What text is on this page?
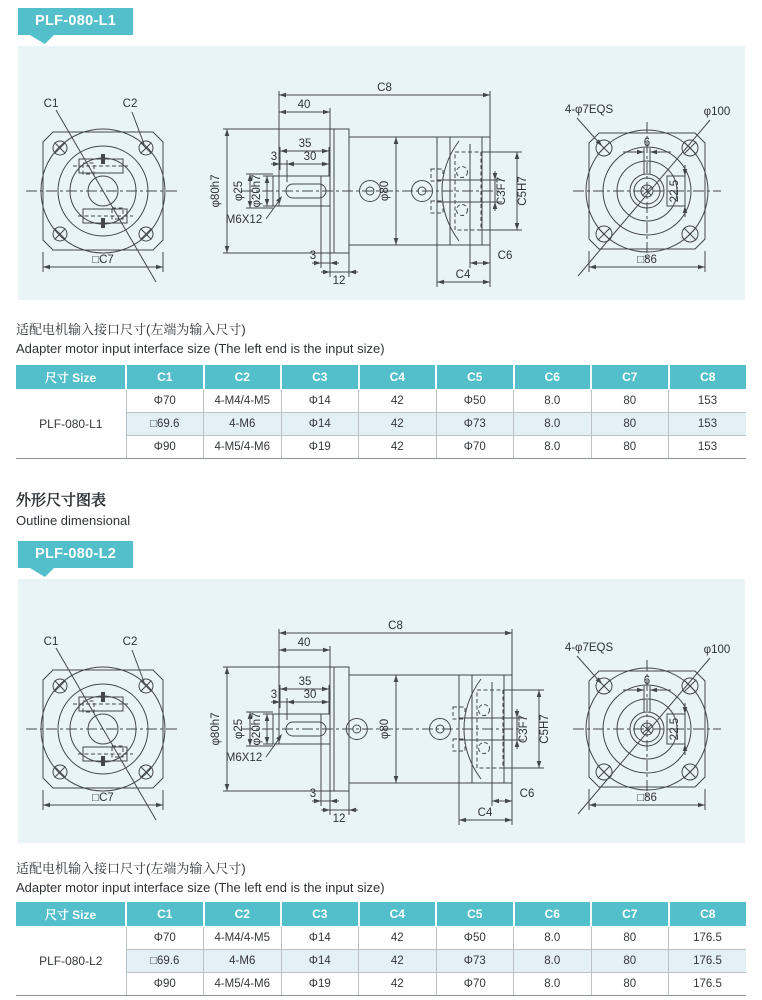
PLF-080-L1
C1	C2
□C7
C8
40
35
3 30
φ25 φ20h7
φ80h7
M6X12
φ80	C3F7 C5H7
3
12	C4
C6
6
22.5
4-φ7EQS	φ100
□86
适配电机输入接口尺寸(左端为输入尺寸)
Adapter motor input interface size (The left end is the input size)
尺寸 Size	C1	C2	C3	C4	C5	C6	C7	C8
PLF-080-L1	Φ70	4-M4/4-M5	Φ14	42	Φ50	8.0	80	153
	□69.6	4-M6	Φ14	42	Φ73	8.0	80	153
	Φ90	4-M5/4-M6	Φ19	42	Φ70	8.0	80	153
外形尺寸图表
Outline dimensional
PLF-080-L2
C1	C2
□C7
C8
40
35
3 30
φ25 φ20h7
φ80h7
M6X12
φ80	C3F7 C5H7
3
12	C4
C6
6
22.5
4-φ7EQS	φ100
□86
适配电机输入接口尺寸(左端为输入尺寸)
Adapter motor input interface size (The left end is the input size)
尺寸 Size	C1	C2	C3	C4	C5	C6	C7	C8
PLF-080-L2	Φ70	4-M4/4-M5	Φ14	42	Φ50	8.0	80	176.5
	□69.6	4-M6	Φ14	42	Φ73	8.0	80	176.5
	Φ90	4-M5/4-M6	Φ19	42	Φ70	8.0	80	176.5
